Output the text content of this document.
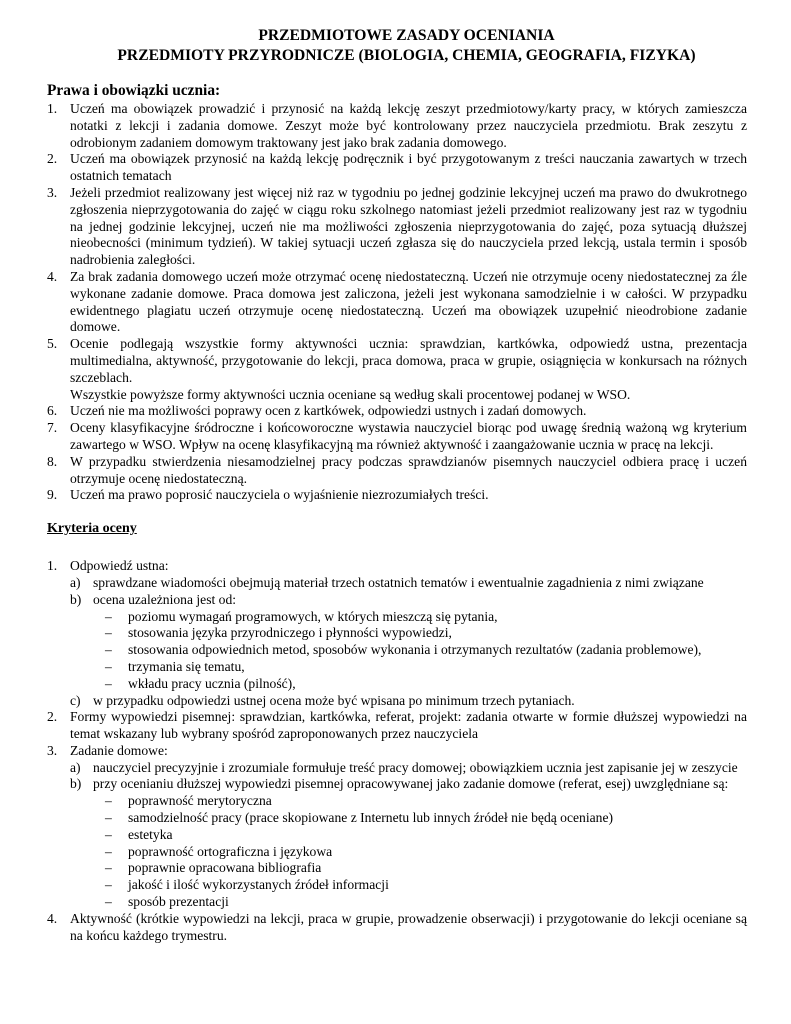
PRZEDMIOTOWE ZASADY OCENIANIA
PRZEDMIOTY PRZYRODNICZE (BIOLOGIA, CHEMIA, GEOGRAFIA, FIZYKA)
Prawa i obowiązki ucznia:
1. Uczeń ma obowiązek prowadzić i przynosić na każdą lekcję zeszyt przedmiotowy/karty pracy, w których zamieszcza notatki z lekcji i zadania domowe. Zeszyt może być kontrolowany przez nauczyciela przedmiotu. Brak zeszytu z odrobionym zadaniem domowym traktowany jest jako brak zadania domowego.
2. Uczeń ma obowiązek przynosić na każdą lekcję podręcznik i być przygotowanym z treści nauczania zawartych w trzech ostatnich tematach
3. Jeżeli przedmiot realizowany jest więcej niż raz w tygodniu po jednej godzinie lekcyjnej uczeń ma prawo do dwukrotnego zgłoszenia nieprzygotowania do zajęć w ciągu roku szkolnego natomiast jeżeli przedmiot realizowany jest raz w tygodniu na jednej godzinie lekcyjnej, uczeń nie ma możliwości zgłoszenia nieprzygotowania do zajęć, poza sytuacją dłuższej nieobecności (minimum tydzień). W takiej sytuacji uczeń zgłasza się do nauczyciela przed lekcją, ustala termin i sposób nadrobienia zaległości.
4. Za brak zadania domowego uczeń może otrzymać ocenę niedostateczną. Uczeń nie otrzymuje oceny niedostatecznej za źle wykonane zadanie domowe. Praca domowa jest zaliczona, jeżeli jest wykonana samodzielnie i w całości. W przypadku ewidentnego plagiatu uczeń otrzymuje ocenę niedostateczną. Uczeń ma obowiązek uzupełnić nieodrobione zadanie domowe.
5. Ocenie podlegają wszystkie formy aktywności ucznia: sprawdzian, kartkówka, odpowiedź ustna, prezentacja multimedialna, aktywność, przygotowanie do lekcji, praca domowa, praca w grupie, osiągnięcia w konkursach na różnych szczeblach.
Wszystkie powyższe formy aktywności ucznia oceniane są według skali procentowej podanej w WSO.
6. Uczeń nie ma możliwości poprawy ocen z kartkówek, odpowiedzi ustnych i zadań domowych.
7. Oceny klasyfikacyjne śródroczne i końcoworoczne wystawia nauczyciel biorąc pod uwagę średnią ważoną wg kryterium zawartego w WSO. Wpływ na ocenę klasyfikacyjną ma również aktywność i zaangażowanie ucznia w pracę na lekcji.
8. W przypadku stwierdzenia niesamodzielnej pracy podczas sprawdzianów pisemnych nauczyciel odbiera pracę i uczeń otrzymuje ocenę niedostateczną.
9. Uczeń ma prawo poprosić nauczyciela o wyjaśnienie niezrozumiałych treści.
Kryteria oceny
1. Odpowiedź ustna:
a) sprawdzane wiadomości obejmują materiał trzech ostatnich tematów i ewentualnie zagadnienia z nimi związane
b) ocena uzależniona jest od:
– poziomu wymagań programowych, w których mieszczą się pytania,
– stosowania języka przyrodniczego i płynności wypowiedzi,
– stosowania odpowiednich metod, sposobów wykonania i otrzymanych rezultatów (zadania problemowe),
– trzymania się tematu,
– wkładu pracy ucznia (pilność),
c) w przypadku odpowiedzi ustnej ocena może być wpisana po minimum trzech pytaniach.
2. Formy wypowiedzi pisemnej: sprawdzian, kartkówka, referat, projekt: zadania otwarte w formie dłuższej wypowiedzi na temat wskazany lub wybrany spośród zaproponowanych przez nauczyciela
3. Zadanie domowe:
a) nauczyciel precyzyjnie i zrozumiale formułuje treść pracy domowej; obowiązkiem ucznia jest zapisanie jej w zeszycie
b) przy ocenianiu dłuższej wypowiedzi pisemnej opracowywanej jako zadanie domowe (referat, esej) uwzględniane są:
– poprawność merytoryczna
– samodzielność pracy (prace skopiowane z Internetu lub innych źródeł nie będą oceniane)
– estetyka
– poprawność ortograficzna i językowa
– poprawnie opracowana bibliografia
– jakość i ilość wykorzystanych źródeł informacji
– sposób prezentacji
4. Aktywność (krótkie wypowiedzi na lekcji, praca w grupie, prowadzenie obserwacji) i przygotowanie do lekcji oceniane są na końcu każdego trymestru.
